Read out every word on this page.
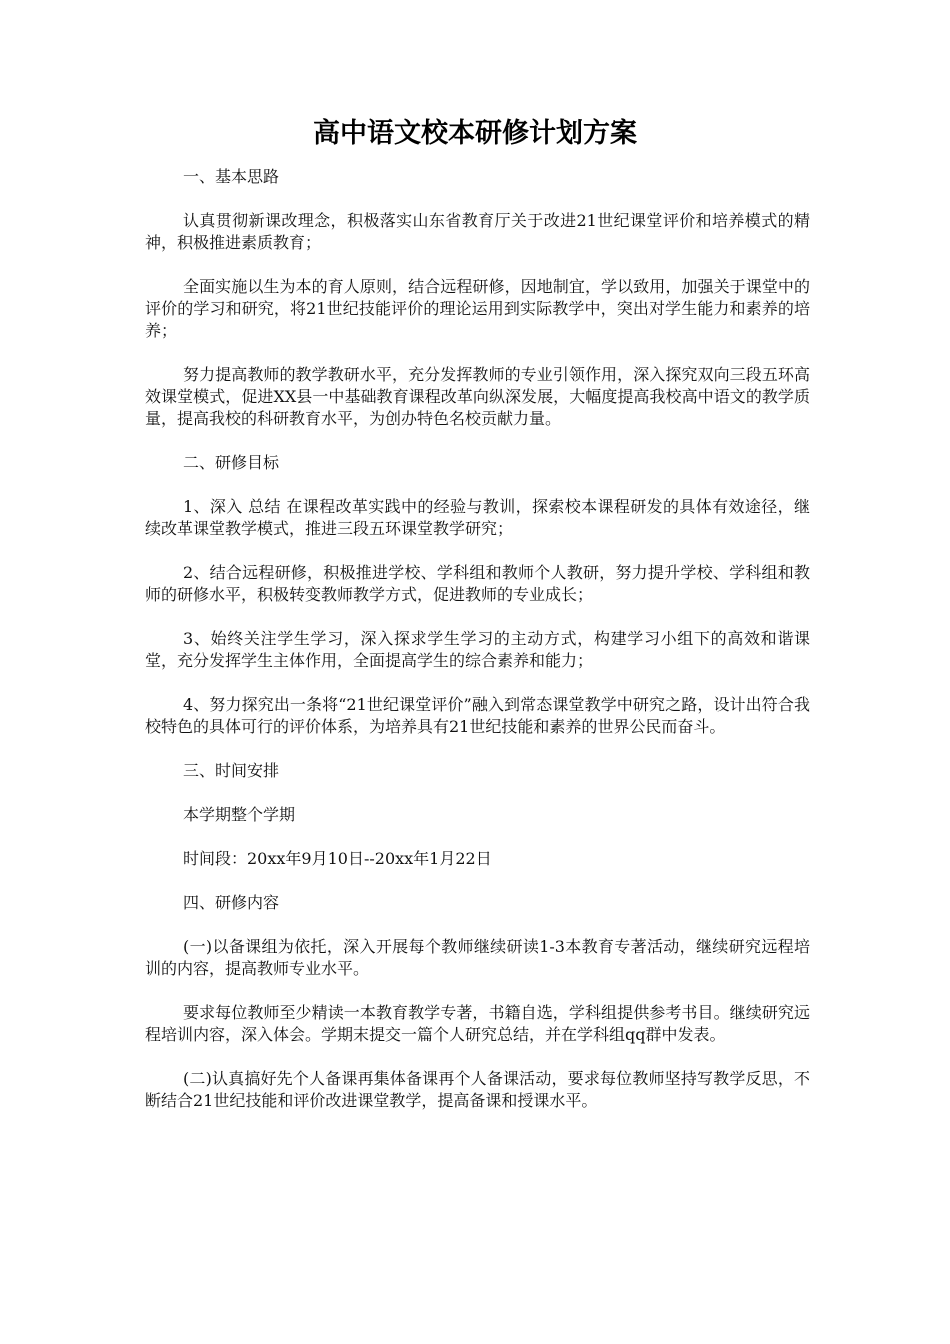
高中语文校本研修计划方案

一、基本思路

认真贯彻新课改理念，积极落实山东省教育厅关于改进21世纪课堂评价和培养模式的精神，积极推进素质教育；

全面实施以生为本的育人原则，结合远程研修，因地制宜，学以致用，加强关于课堂中的评价的学习和研究，将21世纪技能评价的理论运用到实际教学中，突出对学生能力和素养的培养；

努力提高教师的教学教研水平，充分发挥教师的专业引领作用，深入探究双向三段五环高效课堂模式，促进XX县一中基础教育课程改革向纵深发展，大幅度提高我校高中语文的教学质量，提高我校的科研教育水平，为创办特色名校贡献力量。

二、研修目标

1、深入 总结 在课程改革实践中的经验与教训，探索校本课程研发的具体有效途径，继续改革课堂教学模式，推进三段五环课堂教学研究；

2、结合远程研修，积极推进学校、学科组和教师个人教研，努力提升学校、学科组和教师的研修水平，积极转变教师教学方式，促进教师的专业成长；

3、始终关注学生学习，深入探求学生学习的主动方式，构建学习小组下的高效和谐课堂，充分发挥学生主体作用，全面提高学生的综合素养和能力；

4、努力探究出一条将“21世纪课堂评价”融入到常态课堂教学中研究之路，设计出符合我校特色的具体可行的评价体系，为培养具有21世纪技能和素养的世界公民而奋斗。

三、时间安排

本学期整个学期

时间段：20xx年9月10日--20xx年1月22日

四、研修内容

(一)以备课组为依托，深入开展每个教师继续研读1-3本教育专著活动，继续研究远程培训的内容，提高教师专业水平。

要求每位教师至少精读一本教育教学专著，书籍自选，学科组提供参考书目。继续研究远程培训内容，深入体会。学期末提交一篇个人研究总结，并在学科组qq群中发表。

(二)认真搞好先个人备课再集体备课再个人备课活动，要求每位教师坚持写教学反思，不断结合21世纪技能和评价改进课堂教学，提高备课和授课水平。
